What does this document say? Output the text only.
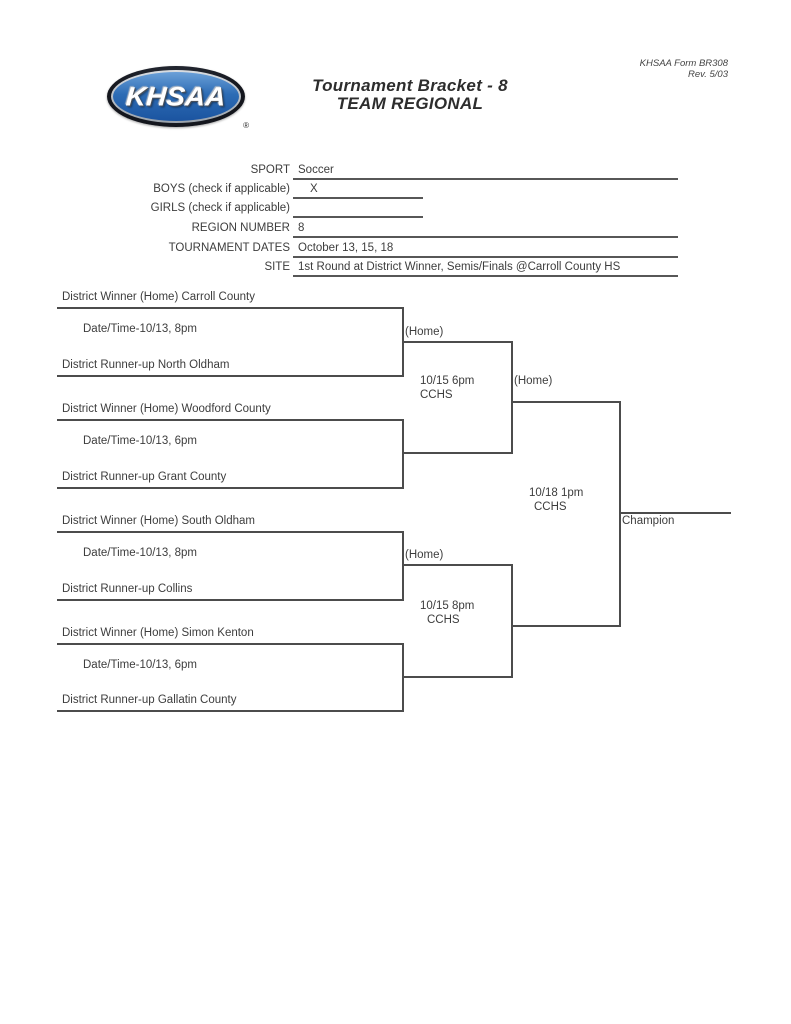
KHSAA
®
Tournament Bracket - 8
TEAM REGIONAL
KHSAA Form BR308
Rev. 5/03
SPORT Soccer
BOYS (check if applicable) X
GIRLS (check if applicable)
REGION NUMBER 8
TOURNAMENT DATES October 13, 15, 18
SITE 1st Round at District Winner, Semis/Finals @Carroll County HS
District Winner (Home) Carroll County
Date/Time-10/13, 8pm
District Runner-up North Oldham
District Winner (Home) Woodford County
Date/Time-10/13, 6pm
District Runner-up Grant County
District Winner (Home) South Oldham
Date/Time-10/13, 8pm
District Runner-up Collins
District Winner (Home) Simon Kenton
Date/Time-10/13, 6pm
District Runner-up Gallatin County
(Home)
10/15 6pm
CCHS
(Home)
10/15 8pm
CCHS
(Home)
10/18 1pm
CCHS
Champion
